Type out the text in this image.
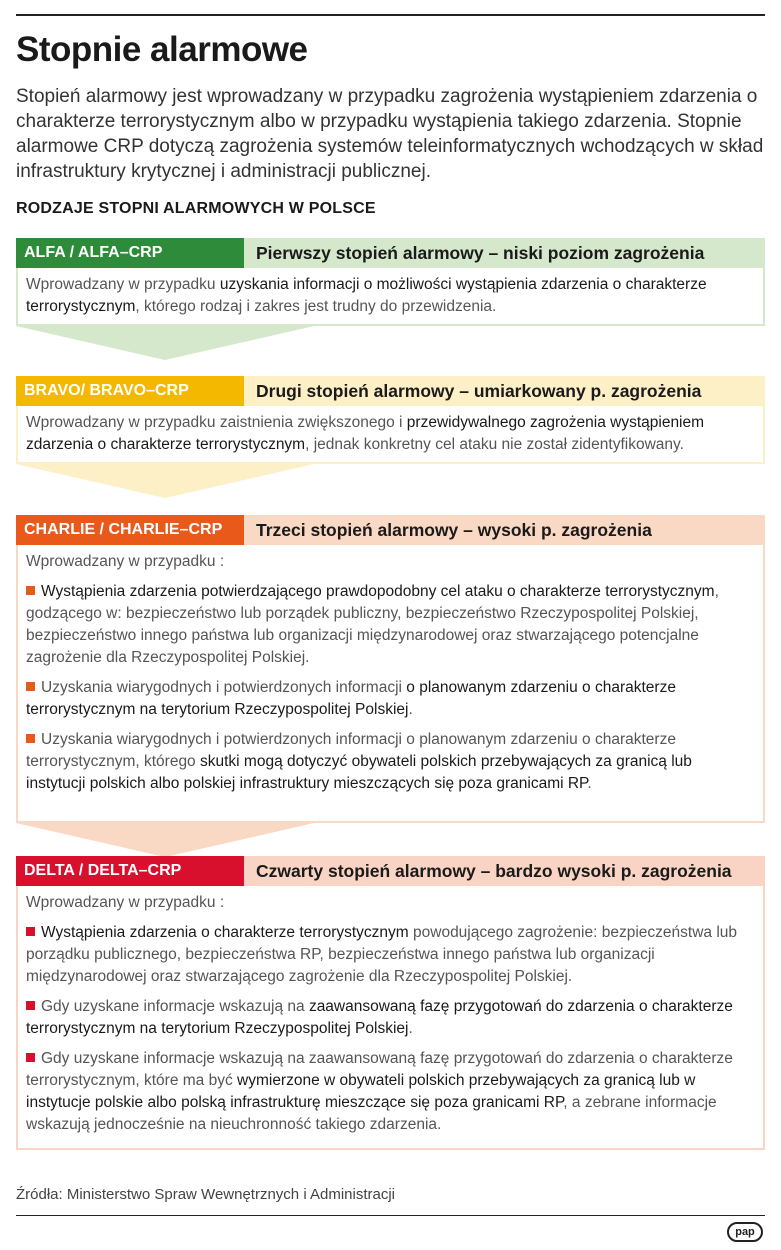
Stopnie alarmowe

Stopień alarmowy jest wprowadzany w przypadku zagrożenia wystąpieniem zdarzenia o charakterze terrorystycznym albo w przypadku wystąpienia takiego zdarzenia. Stopnie alarmowe CRP dotyczą zagrożenia systemów teleinformatycznych wchodzących w skład infrastruktury krytycznej i administracji publicznej.

RODZAJE STOPNI ALARMOWYCH W POLSCE
ALFA / ALFA–CRP	Pierwszy stopień alarmowy – niski poziom zagrożenia
Wprowadzany w przypadku uzyskania informacji o możliwości wystąpienia zdarzenia o charakterze terrorystycznym, którego rodzaj i zakres jest trudny do przewidzenia.
BRAVO/ BRAVO–CRP	Drugi stopień alarmowy – umiarkowany p. zagrożenia
Wprowadzany w przypadku zaistnienia zwiększonego i przewidywalnego zagrożenia wystąpieniem zdarzenia o charakterze terrorystycznym, jednak konkretny cel ataku nie został zidentyfikowany.
CHARLIE / CHARLIE–CRP	Trzeci stopień alarmowy – wysoki p. zagrożenia

Wprowadzany w przypadku :

Wystąpienia zdarzenia potwierdzającego prawdopodobny cel ataku o charakterze terrorystycznym, godzącego w: bezpieczeństwo lub porządek publiczny, bezpieczeństwo Rzeczypospolitej Polskiej, bezpieczeństwo innego państwa lub organizacji międzynarodowej oraz stwarzającego potencjalne zagrożenie dla Rzeczypospolitej Polskiej.

Uzyskania wiarygodnych i potwierdzonych informacji o planowanym zdarzeniu o charakterze terrorystycznym na terytorium Rzeczypospolitej Polskiej.

Uzyskania wiarygodnych i potwierdzonych informacji o planowanym zdarzeniu o charakterze terrorystycznym, którego skutki mogą dotyczyć obywateli polskich przebywających za granicą lub instytucji polskich albo polskiej infrastruktury mieszczących się poza granicami RP.

DELTA / DELTA–CRP	Czwarty stopień alarmowy – bardzo wysoki p. zagrożenia

Wprowadzany w przypadku :

Wystąpienia zdarzenia o charakterze terrorystycznym powodującego zagrożenie: bezpieczeństwa lub porządku publicznego, bezpieczeństwa RP, bezpieczeństwa innego państwa lub organizacji międzynarodowej oraz stwarzającego zagrożenie dla Rzeczypospolitej Polskiej.

Gdy uzyskane informacje wskazują na zaawansowaną fazę przygotowań do zdarzenia o charakterze terrorystycznym na terytorium Rzeczypospolitej Polskiej.

Gdy uzyskane informacje wskazują na zaawansowaną fazę przygotowań do zdarzenia o charakterze terrorystycznym, które ma być wymierzone w obywateli polskich przebywających za granicą lub w instytucje polskie albo polską infrastrukturę mieszczące się poza granicami RP, a zebrane informacje wskazują jednocześnie na nieuchronność takiego zdarzenia.

Źródła: Ministerstwo Spraw Wewnętrznych i Administracji

pap
